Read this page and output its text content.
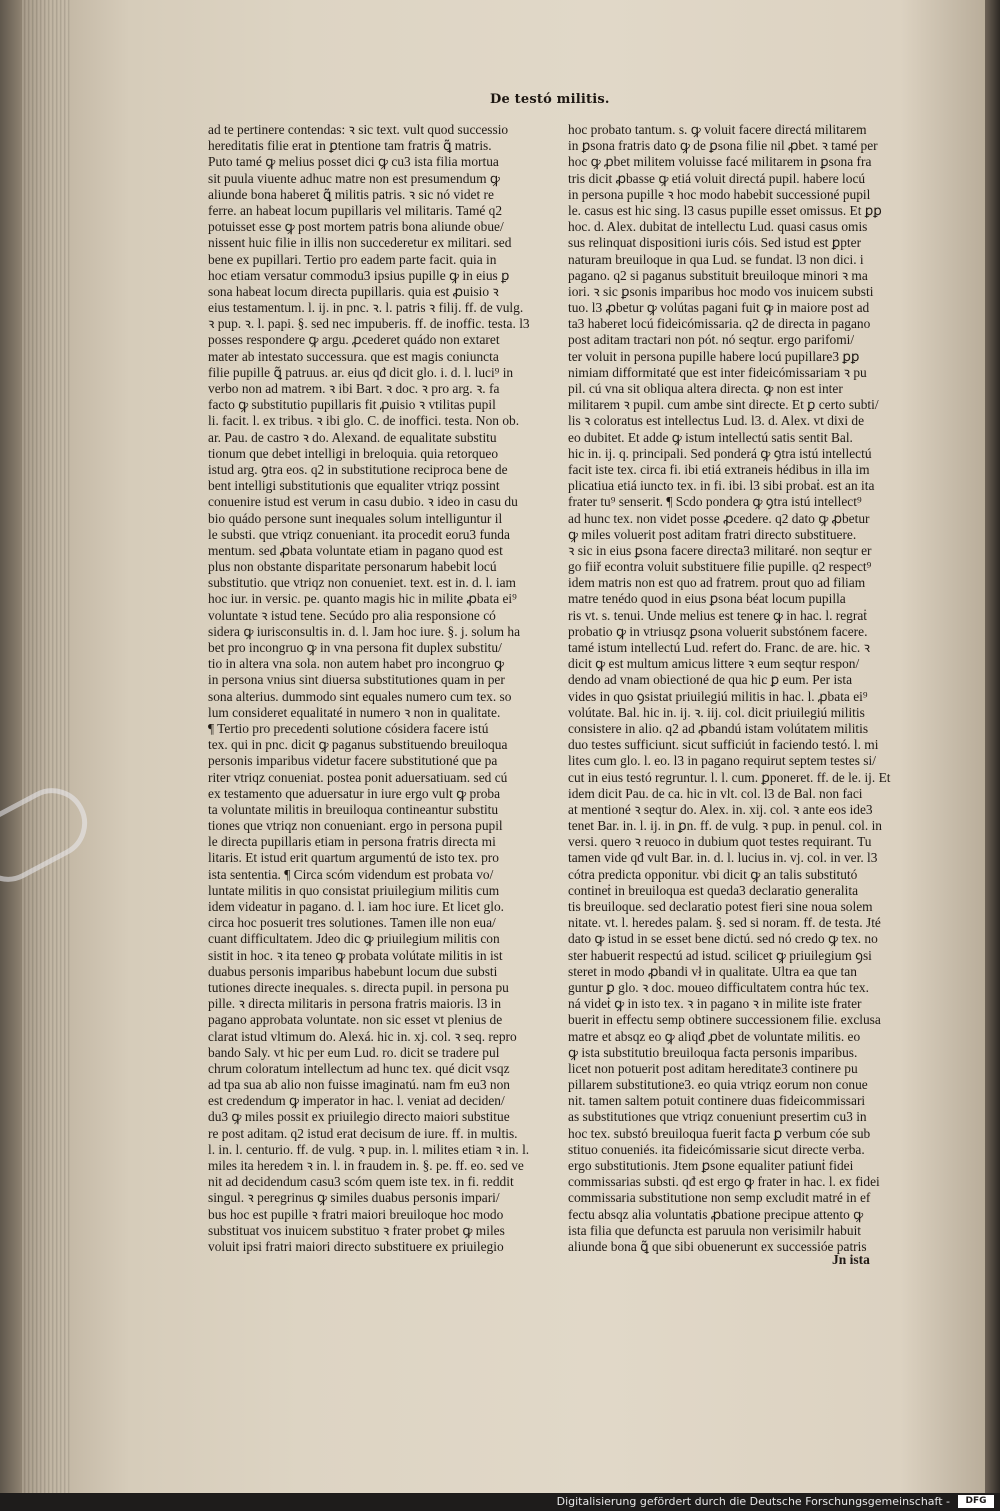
De testó militis.
ad te pertinere contendas: ꝛ sic text. vult quod successio
hereditatis filie erat in ꝑtentione tam fratris ꝗ̃ matris.
Puto tamé ꝙ melius posset dici ꝙ cu3 ista filia mortua
sit puula viuente adhuc matre non est presumendum ꝙ
aliunde bona haberet ꝗ̃ militis patris. ꝛ sic nó videt re
ferre. an habeat locum pupillaris vel militaris. Tamé q2
potuisset esse ꝙ post mortem patris bona aliunde obue/
nissent huic filie in illis non succederetur ex militari. sed
bene ex pupillari. Tertio pro eadem parte facit. quia in
hoc etiam versatur commodu3 ipsius pupille ꝙ in eius ꝑ
sona habeat locum directa pupillaris. quia est ꝓuisio ꝛ
eius testamentum. l. ij. in pnc. ꝛ. l. patris ꝛ filij. ff. de vulg.
ꝛ pup. ꝛ. l. papi. §. sed nec impuberis. ff. de inoffic. testa. l3
posses respondere ꝙ argu. ꝓcederet quádo non extaret
mater ab intestato successura. que est magis coniuncta
filie pupille ꝗ̃ patruus. ar. eius qđ dicit glo. i. d. l. luci⁹ in
verbo non ad matrem. ꝛ ibi Bart. ꝛ doc. ꝛ pro arg. ꝛ. fa
facto ꝙ substitutio pupillaris fit ꝓuisio ꝛ vtilitas pupil
li. facit. l. ex tribus. ꝛ ibi glo. C. de inoffici. testa. Non ob.
ar. Pau. de castro ꝛ do. Alexand. de equalitate substitu
tionum que debet intelligi in breloquia. quia retorqueo
istud arg. ꝯtra eos. q2 in substitutione reciproca bene de
bent intelligi substitutionis que equaliter vtriqz possint
conuenire istud est verum in casu dubio. ꝛ ideo in casu du
bio quádo persone sunt inequales solum intelliguntur il
le substi. que vtriqz conueniant. ita procedit eoru3 funda
mentum. sed ꝓbata voluntate etiam in pagano quod est
plus non obstante disparitate personarum habebit locú
substitutio. que vtriqz non conueniet. text. est in. d. l. iam
hoc iur. in versic. pe. quanto magis hic in milite ꝓbata ei⁹
voluntate ꝛ istud tene. Secúdo pro alia responsione có
sidera ꝙ iurisconsultis in. d. l. Jam hoc iure. §. j. solum ha
bet pro incongruo ꝙ in vna persona fit duplex substitu/
tio in altera vna sola. non autem habet pro incongruo ꝙ
in persona vnius sint diuersa substitutiones quam in per
sona alterius. dummodo sint equales numero cum tex. so
lum consideret equalitaté in numero ꝛ non in qualitate.
¶ Tertio pro precedenti solutione cósidera facere istú
tex. qui in pnc. dicit ꝙ paganus substituendo breuiloqua
personis imparibus videtur facere substitutioné que pa
riter vtriqz conueniat. postea ponit aduersatiuam. sed cú
ex testamento que aduersatur in iure ergo vult ꝙ proba
ta voluntate militis in breuiloqua contineantur substitu
tiones que vtriqz non conueniant. ergo in persona pupil
le directa pupillaris etiam in persona fratris directa mi
litaris. Et istud erit quartum argumentú de isto tex. pro
ista sententia. ¶ Circa scóm videndum est probata vo/
luntate militis in quo consistat priuilegium militis cum
idem videatur in pagano. d. l. iam hoc iure. Et licet glo.
circa hoc posuerit tres solutiones. Tamen ille non eua/
cuant difficultatem. Jdeo dic ꝙ priuilegium militis con
sistit in hoc. ꝛ ita teneo ꝙ probata volútate militis in ist
duabus personis imparibus habebunt locum due substi
tutiones directe inequales. s. directa pupil. in persona pu
pille. ꝛ directa militaris in persona fratris maioris. l3 in
pagano approbata voluntate. non sic esset vt plenius de
clarat istud vltimum do. Alexá. hic in. xj. col. ꝛ seq. repro
bando Saly. vt hic per eum Lud. ro. dicit se tradere pul
chrum coloratum intellectum ad hunc tex. qué dicit vsqz
ad tpa sua ab alio non fuisse imaginatú. nam fm eu3 non
est credendum ꝙ imperator in hac. l. veniat ad deciden/
du3 ꝙ miles possit ex priuilegio directo maiori substitue
re post aditam. q2 istud erat decisum de iure. ff. in multis.
l. in. l. centurio. ff. de vulg. ꝛ pup. in. l. milites etiam ꝛ in. l.
miles ita heredem ꝛ in. l. in fraudem in. §. pe. ff. eo. sed ve
nit ad decidendum casu3 scóm quem iste tex. in fi. reddit
singul. ꝛ peregrinus ꝙ similes duabus personis impari/
bus hoc est pupille ꝛ fratri maiori breuiloque hoc modo
substituat vos inuicem substituo ꝛ frater probet ꝙ miles
voluit ipsi fratri maiori directo substituere ex priuilegio
hoc probato tantum. s. ꝙ voluit facere directá militarem
in ꝑsona fratris dato ꝙ de ꝑsona filie nil ꝓbet. ꝛ tamé per
hoc ꝙ ꝓbet militem voluisse facé militarem in ꝑsona fra
tris dicit ꝓbasse ꝙ etiá voluit directá pupil. habere locú
in persona pupille ꝛ hoc modo habebit successioné pupil
le. casus est hic sing. l3 casus pupille esset omissus. Et ꝑꝑ
hoc. d. Alex. dubitat de intellectu Lud. quasi casus omis
sus relinquat dispositioni iuris cóis. Sed istud est ꝑpter
naturam breuiloque in qua Lud. se fundat. l3 non dici. i
pagano. q2 si paganus substituit breuiloque minori ꝛ ma
iori. ꝛ sic ꝑsonis imparibus hoc modo vos inuicem substi
tuo. l3 ꝓbetur ꝙ volútas pagani fuit ꝙ in maiore post ad
ta3 haberet locú fideicómissaria. q2 de directa in pagano
post aditam tractari non pót. nó seqtur. ergo parifomi/
ter voluit in persona pupille habere locú pupillare3 ꝑꝑ
nimiam difformitaté que est inter fideicómissariam ꝛ pu
pil. cú vna sit obliqua altera directa. ꝙ non est inter
militarem ꝛ pupil. cum ambe sint directe. Et ꝑ certo subti/
lis ꝛ coloratus est intellectus Lud. l3. d. Alex. vt dixi de
eo dubitet. Et adde ꝙ istum intellectú satis sentit Bal.
hic in. ij. q. principali. Sed ponderá ꝙ ꝯtra istú intellectú
facit iste tex. circa fi. ibi etiá extraneis hédibus in illa im
plicatiua etiá iuncto tex. in fi. ibi. l3 sibi probaṫ. est an ita
frater tu⁹ senserit. ¶ Scdo pondera ꝙ ꝯtra istú intellect⁹
ad hunc tex. non videt posse ꝓcedere. q2 dato ꝙ ꝓbetur
ꝙ miles voluerit post aditam fratri directo substituere.
ꝛ sic in eius ꝑsona facere directa3 militaré. non seqtur er
go fiiř econtra voluit substituere filie pupille. q2 respect⁹
idem matris non est quo ad fratrem. prout quo ad filiam
matre tenédo quod in eius ꝑsona béat locum pupilla
ris vt. s. tenui. Unde melius est tenere ꝙ in hac. l. regraṫ
probatio ꝙ in vtriusqz ꝑsona voluerit substónem facere.
tamé istum intellectú Lud. refert do. Franc. de are. hic. ꝛ
dicit ꝙ est multum amicus littere ꝛ eum seqtur respon/
dendo ad vnam obiectioné de qua hic ꝑ eum. Per ista
vides in quo ꝯsistat priuilegiú militis in hac. l. ꝓbata ei⁹
volútate. Bal. hic in. ij. ꝛ. iij. col. dicit priuilegiú militis
consistere in alio. q2 ad ꝓbandú istam volútatem militis
duo testes sufficiunt. sicut sufficiút in faciendo testó. l. mi
lites cum glo. l. eo. l3 in pagano requirut septem testes si/
cut in eius testó regruntur. l. l. cum. ꝑponeret. ff. de le. ij. Et
idem dicit Pau. de ca. hic in vlt. col. l3 de Bal. non faci
at mentioné ꝛ seqtur do. Alex. in. xij. col. ꝛ ante eos ide3
tenet Bar. in. l. ij. in ꝑn. ff. de vulg. ꝛ pup. in penul. col. in
versi. quero ꝛ reuoco in dubium quot testes requirant. Tu
tamen vide qđ vult Bar. in. d. l. lucius in. vj. col. in ver. l3
cótra predicta opponitur. vbi dicit ꝙ an talis substitutó
contineṫ in breuiloqua est queda3 declaratio generalita
tis breuiloque. sed declaratio potest fieri sine noua solem
nitate. vt. l. heredes palam. §. sed si noram. ff. de testa. Jté
dato ꝙ istud in se esset bene dictú. sed nó credo ꝙ tex. no
ster habuerit respectú ad istud. scilicet ꝙ priuilegium ꝯsi
steret in modo ꝓbandi vł in qualitate. Ultra ea que tan
guntur ꝑ glo. ꝛ doc. moueo difficultatem contra húc tex.
ná videṫ ꝙ in isto tex. ꝛ in pagano ꝛ in milite iste frater
buerit in effectu semp obtinere successionem filie. exclusa
matre et absqz eo ꝙ aliqđ ꝓbet de voluntate militis. eo
ꝙ ista substitutio breuiloqua facta personis imparibus.
licet non potuerit post aditam hereditate3 continere pu
pillarem substitutione3. eo quia vtriqz eorum non conue
nit. tamen saltem potuit continere duas fideicommissari
as substitutiones que vtriqz conueniunt presertim cu3 in
hoc tex. substó breuiloqua fuerit facta ꝑ verbum cóe sub
stituo conueniés. ita fideicómissarie sicut directe verba.
ergo substitutionis. Jtem ꝑsone equaliter patiunṫ fidei
commissarias substi. qđ est ergo ꝙ frater in hac. l. ex fidei
commissaria substitutione non semp excludit matré in ef
fectu absqz alia voluntatis ꝓbatione precipue attento ꝙ
ista filia que defuncta est paruula non verisimilr habuit
aliunde bona ꝗ̃ que sibi obuenerunt ex successióe patris
Jn ista
Digitalisierung gefördert durch die Deutsche Forschungsgemeinschaft -	DFG
